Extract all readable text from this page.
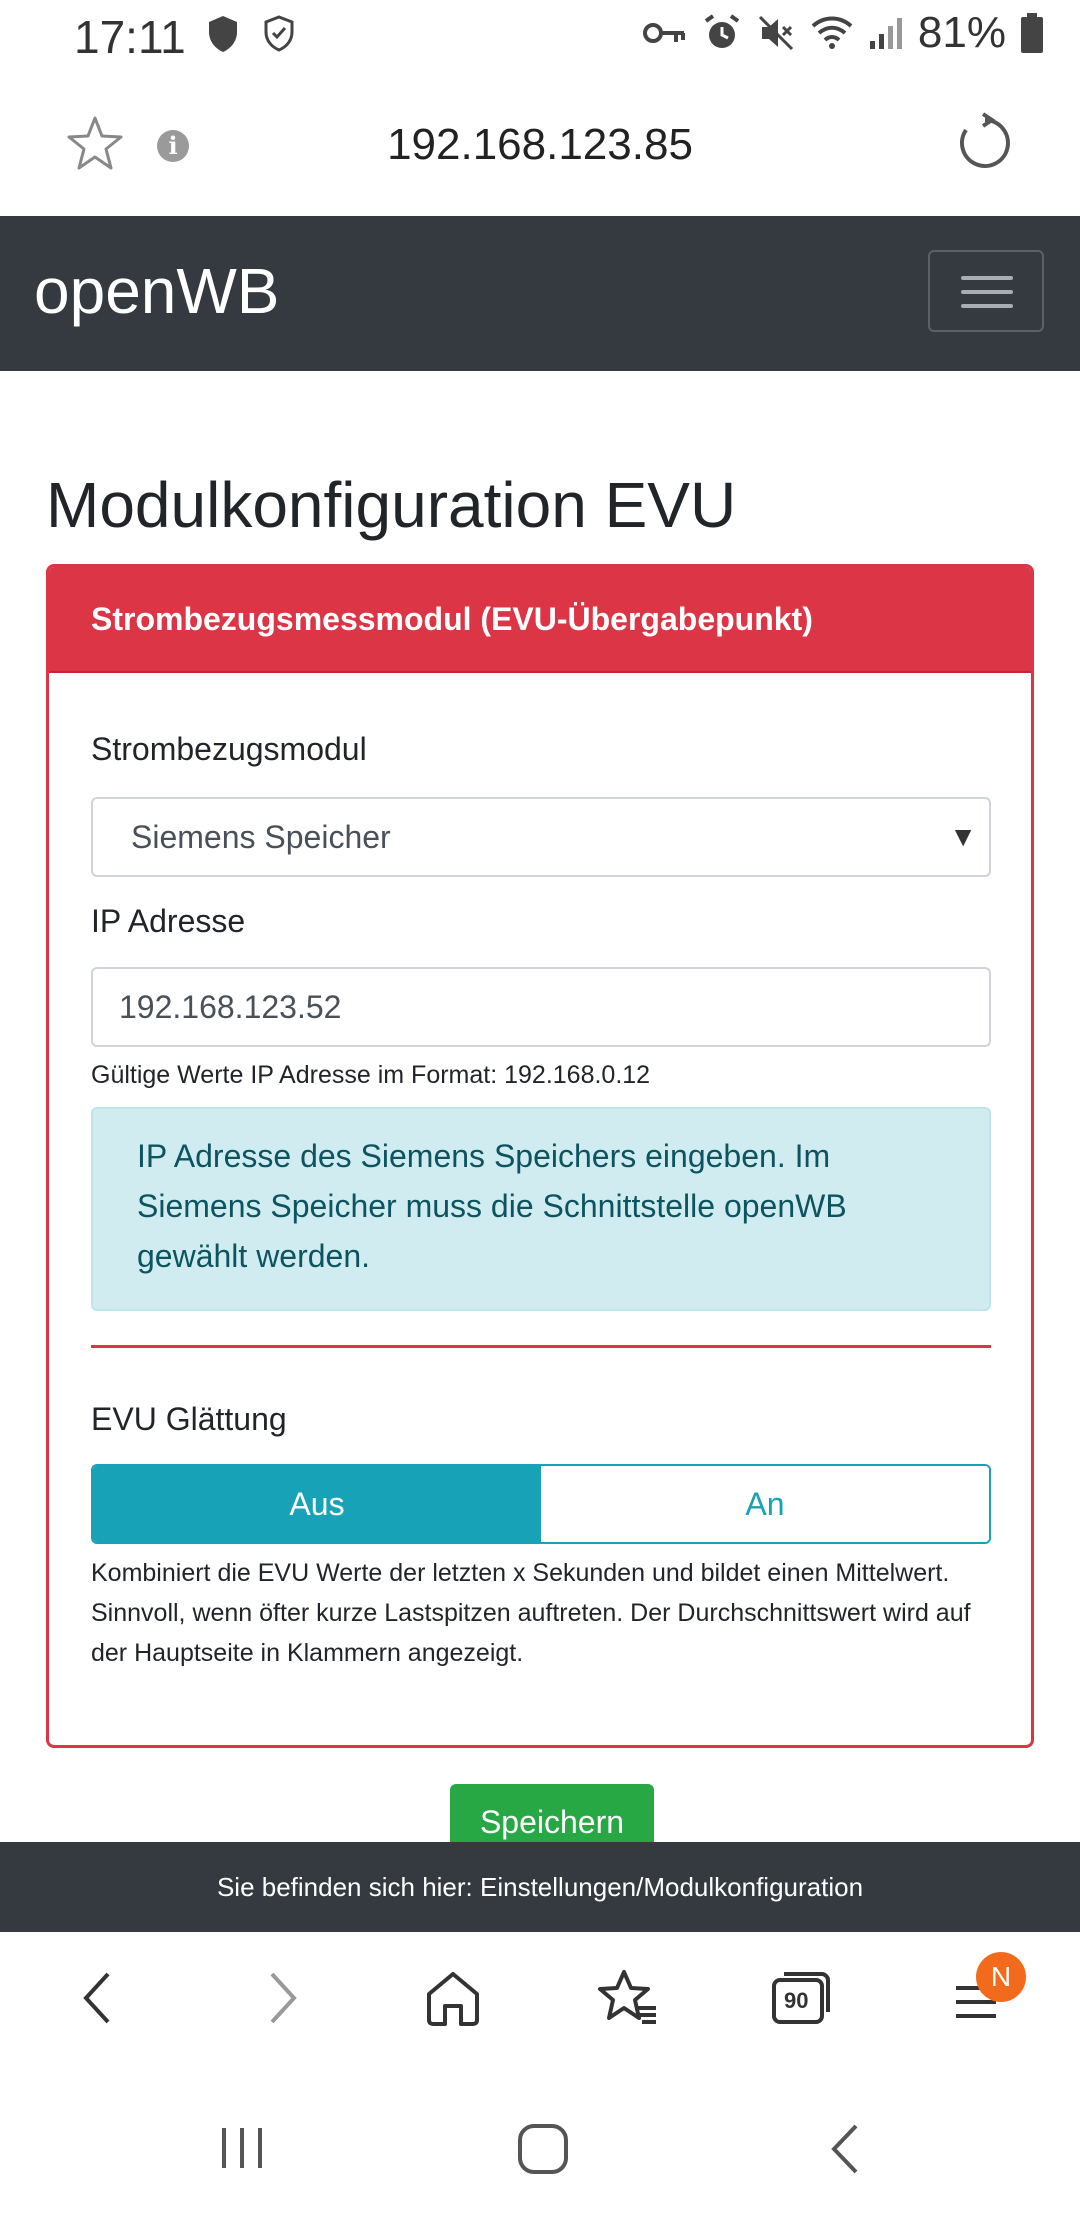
17:11	81%
i	192.168.123.85
openWB
Modulkonfiguration EVU
Strombezugsmessmodul (EVU-Übergabepunkt)
Strombezugsmodul
Siemens Speicher	▼
IP Adresse
192.168.123.52
Gültige Werte IP Adresse im Format: 192.168.0.12
IP Adresse des Siemens Speichers eingeben. Im Siemens Speicher muss die Schnittstelle openWB gewählt werden.
EVU Glättung
Aus	An
Kombiniert die EVU Werte der letzten x Sekunden und bildet einen Mittelwert. Sinnvoll, wenn öfter kurze Lastspitzen auftreten. Der Durchschnittswert wird auf der Hauptseite in Klammern angezeigt.
Speichern
Sie befinden sich hier: Einstellungen/Modulkonfiguration
90
N
